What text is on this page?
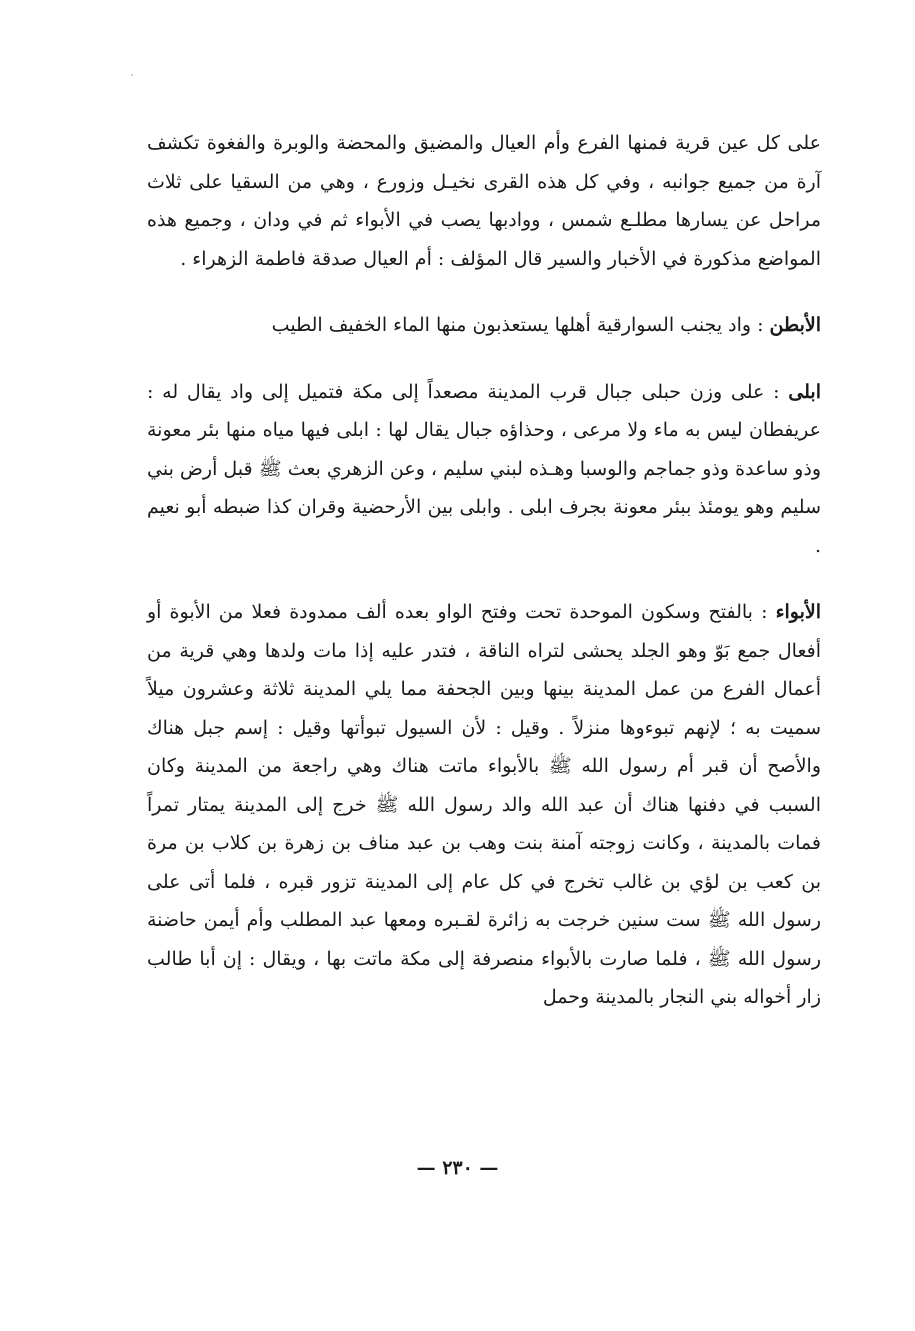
على كل عين قرية فمنها الفرع وأم العيال والمضيق والمحضة والوبرة والفغوة تكشف آرة من جميع جوانبه ، وفي كل هذه القرى نخيـل وزورع ، وهي من السقيا على ثلاث مراحل عن يسارها مطلـع شمس ، ووادبها يصب في الأبواء ثم في ودان ، وجميع هذه المواضع مذكورة في الأخبار والسير قال المؤلف : أم العيال صدقة فاطمة الزهراء .

الأبطن : واد يجنب السوارقية أهلها يستعذبون منها الماء الخفيف الطيب

ابلى : على وزن حبلى جبال قرب المدينة مصعداً إلى مكة فتميل إلى واد يقال له : عريفطان ليس به ماء ولا مرعى ، وحذاؤه جبال يقال لها : ابلى فيها مياه منها بئر معونة وذو ساعدة وذو جماجم والوسبا وهـذه لبني سليم ، وعن الزهري بعث ﷺ قبل أرض بني سليم وهو يومئذ ببئر معونة بجرف ابلى . وابلى بين الأرحضية وقران كذا ضبطه أبو نعيم .

الأبواء : بالفتح وسكون الموحدة تحت وفتح الواو بعده ألف ممدودة فعلا من الأبوة أو أفعال جمع بَوّ وهو الجلد يحشى لتراه الناقة ، فتدر عليه إذا مات ولدها وهي قرية من أعمال الفرع من عمل المدينة بينها وبين الجحفة مما يلي المدينة ثلاثة وعشرون ميلاً سميت به ؛ لإنهم تبوءوها منزلاً . وقيل : لأن السيول تبوأتها وقيل : إسم جبل هناك والأصح أن قبر أم رسول الله ﷺ بالأبواء ماتت هناك وهي راجعة من المدينة وكان السبب في دفنها هناك أن عبد الله والد رسول الله ﷺ خرج إلى المدينة يمتار تمراً فمات بالمدينة ، وكانت زوجته آمنة بنت وهب بن عبد مناف بن زهرة بن كلاب بن مرة بن كعب بن لؤي بن غالب تخرج في كل عام إلى المدينة تزور قبره ، فلما أتى على رسول الله ﷺ ست سنين خرجت به زائرة لقـبره ومعها عبد المطلب وأم أيمن حاضنة رسول الله ﷺ ، فلما صارت بالأبواء منصرفة إلى مكة ماتت بها ، ويقال : إن أبا طالب زار أخواله بني النجار بالمدينة وحمل

— ٢٣٠ —
